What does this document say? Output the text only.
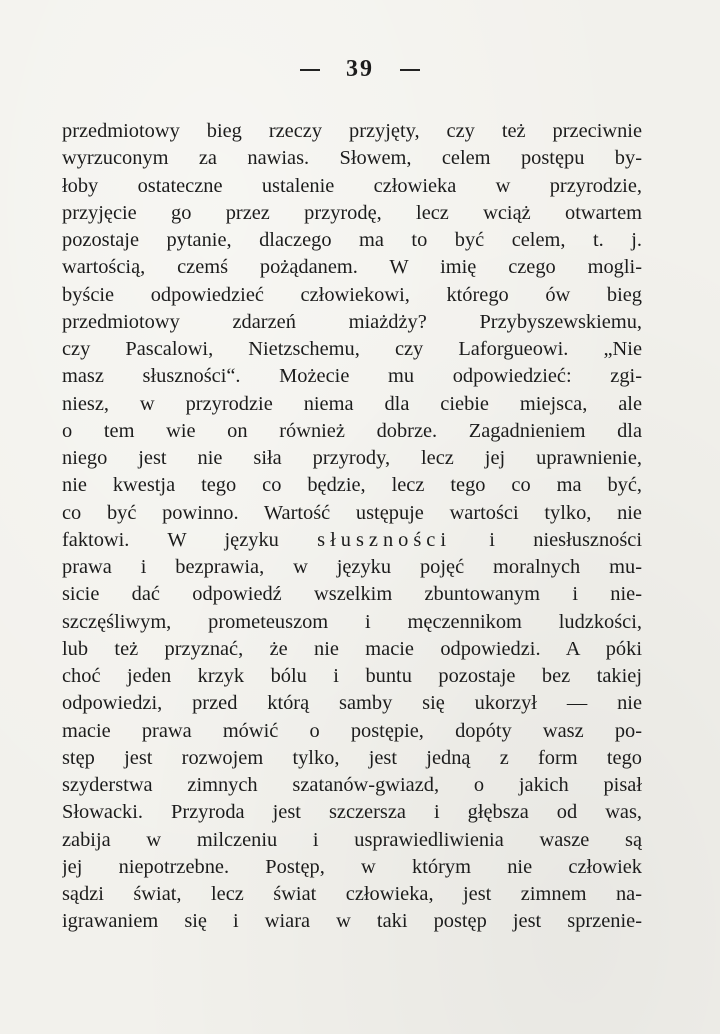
39
przedmiotowy bieg rzeczy przyjęty, czy też przeciwnie
wyrzuconym za nawias. Słowem, celem postępu by-
łoby ostateczne ustalenie człowieka w przyrodzie,
przyjęcie go przez przyrodę, lecz wciąż otwartem
pozostaje pytanie, dlaczego ma to być celem, t. j.
wartością, czemś pożądanem. W imię czego mogli-
byście odpowiedzieć człowiekowi, którego ów bieg
przedmiotowy zdarzeń miażdży? Przybyszewskiemu,
czy Pascalowi, Nietzschemu, czy Laforgueowi. „Nie
masz słuszności“. Możecie mu odpowiedzieć: zgi-
niesz, w przyrodzie niema dla ciebie miejsca, ale
o tem wie on również dobrze. Zagadnieniem dla
niego jest nie siła przyrody, lecz jej uprawnienie,
nie kwestja tego co będzie, lecz tego co ma być,
co być powinno. Wartość ustępuje wartości tylko, nie
faktowi. W języku słuszności i niesłuszności
prawa i bezprawia, w języku pojęć moralnych mu-
sicie dać odpowiedź wszelkim zbuntowanym i nie-
szczęśliwym, prometeuszom i męczennikom ludzkości,
lub też przyznać, że nie macie odpowiedzi. A póki
choć jeden krzyk bólu i buntu pozostaje bez takiej
odpowiedzi, przed którą samby się ukorzył — nie
macie prawa mówić o postępie, dopóty wasz po-
stęp jest rozwojem tylko, jest jedną z form tego
szyderstwa zimnych szatanów-gwiazd, o jakich pisał
Słowacki. Przyroda jest szczersza i głębsza od was,
zabija w milczeniu i usprawiedliwienia wasze są
jej niepotrzebne. Postęp, w którym nie człowiek
sądzi świat, lecz świat człowieka, jest zimnem na-
igrawaniem się i wiara w taki postęp jest sprzenie-
